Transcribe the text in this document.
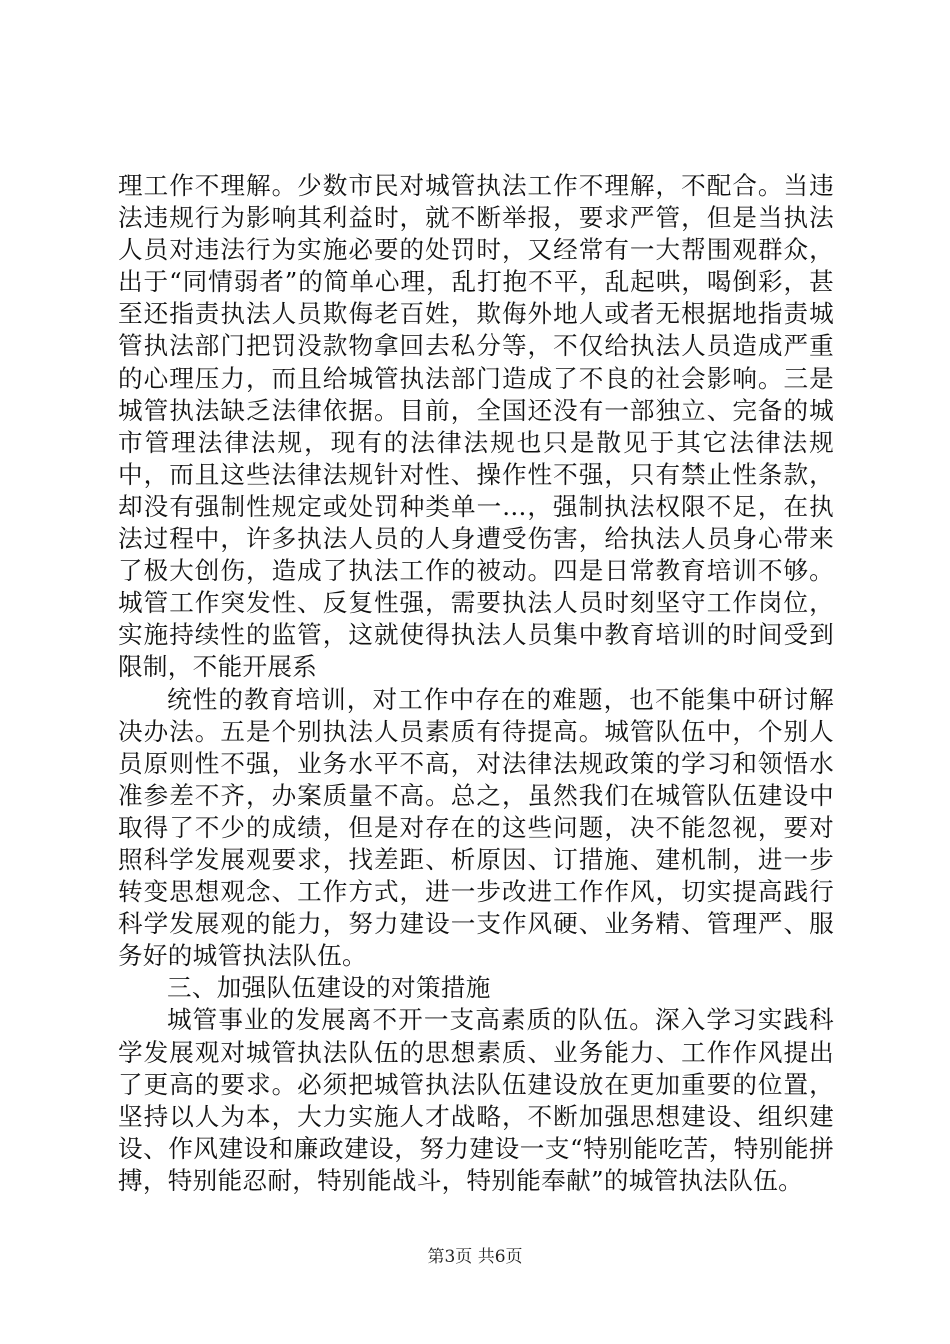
理工作不理解。少数市民对城管执法工作不理解，不配合。当违法违规行为影响其利益时，就不断举报，要求严管，但是当执法人员对违法行为实施必要的处罚时，又经常有一大帮围观群众，出于“同情弱者”的简单心理，乱打抱不平，乱起哄，喝倒彩，甚至还指责执法人员欺侮老百姓，欺侮外地人或者无根据地指责城管执法部门把罚没款物拿回去私分等，不仅给执法人员造成严重的心理压力，而且给城管执法部门造成了不良的社会影响。三是城管执法缺乏法律依据。目前，全国还没有一部独立、完备的城市管理法律法规，现有的法律法规也只是散见于其它法律法规中，而且这些法律法规针对性、操作性不强，只有禁止性条款，却没有强制性规定或处罚种类单一...，强制执法权限不足，在执法过程中，许多执法人员的人身遭受伤害，给执法人员身心带来了极大创伤，造成了执法工作的被动。四是日常教育培训不够。城管工作突发性、反复性强，需要执法人员时刻坚守工作岗位，实施持续性的监管，这就使得执法人员集中教育培训的时间受到限制，不能开展系

统性的教育培训，对工作中存在的难题，也不能集中研讨解决办法。五是个别执法人员素质有待提高。城管队伍中，个别人员原则性不强，业务水平不高，对法律法规政策的学习和领悟水准参差不齐，办案质量不高。总之，虽然我们在城管队伍建设中取得了不少的成绩，但是对存在的这些问题，决不能忽视，要对照科学发展观要求，找差距、析原因、订措施、建机制，进一步转变思想观念、工作方式，进一步改进工作作风，切实提高践行科学发展观的能力，努力建设一支作风硬、业务精、管理严、服务好的城管执法队伍。

三、加强队伍建设的对策措施

城管事业的发展离不开一支高素质的队伍。深入学习实践科学发展观对城管执法队伍的思想素质、业务能力、工作作风提出了更高的要求。必须把城管执法队伍建设放在更加重要的位置，坚持以人为本，大力实施人才战略，不断加强思想建设、组织建设、作风建设和廉政建设，努力建设一支“特别能吃苦，特别能拼搏，特别能忍耐，特别能战斗，特别能奉献”的城管执法队伍。

第3页 共6页
